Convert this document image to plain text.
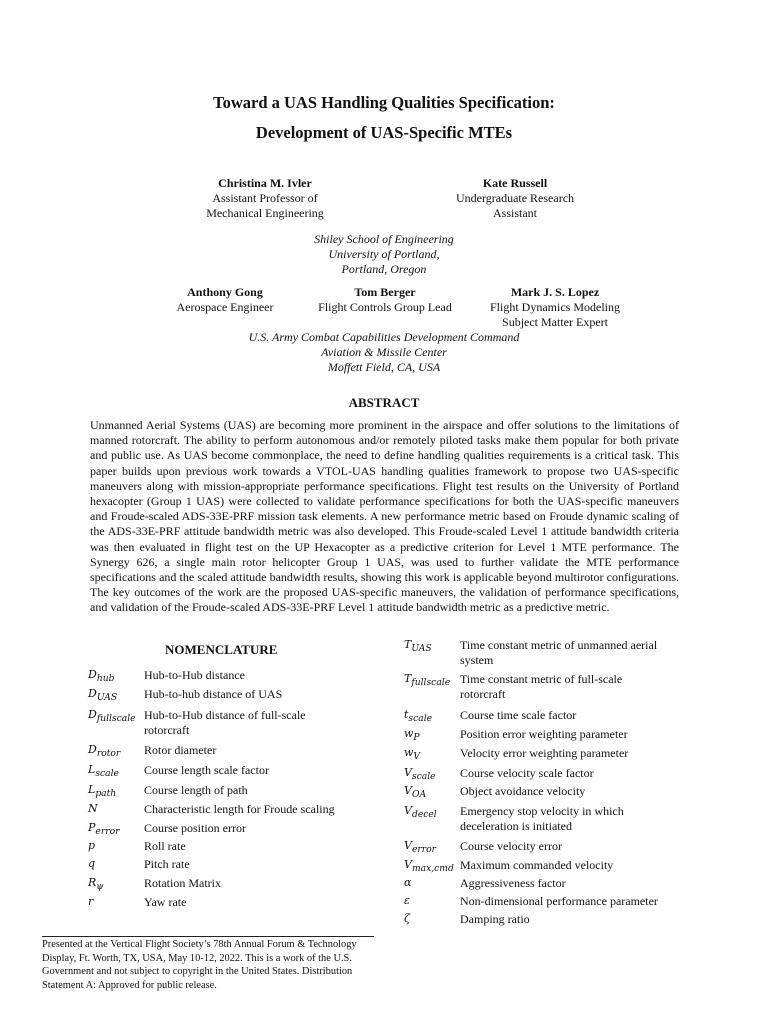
Toward a UAS Handling Qualities Specification:
Development of UAS-Specific MTEs
Christina M. Ivler
Assistant Professor of
Mechanical Engineering
Kate Russell
Undergraduate Research
Assistant
Shiley School of Engineering
University of Portland,
Portland, Oregon
Anthony Gong
Aerospace Engineer
Tom Berger
Flight Controls Group Lead
Mark J. S. Lopez
Flight Dynamics Modeling
Subject Matter Expert
U.S. Army Combat Capabilities Development Command
Aviation & Missile Center
Moffett Field, CA, USA
ABSTRACT
Unmanned Aerial Systems (UAS) are becoming more prominent in the airspace and offer solutions to the limitations of manned rotorcraft. The ability to perform autonomous and/or remotely piloted tasks make them popular for both private and public use. As UAS become commonplace, the need to define handling qualities requirements is a critical task. This paper builds upon previous work towards a VTOL-UAS handling qualities framework to propose two UAS-specific maneuvers along with mission-appropriate performance specifications. Flight test results on the University of Portland hexacopter (Group 1 UAS) were collected to validate performance specifications for both the UAS-specific maneuvers and Froude-scaled ADS-33E-PRF mission task elements. A new performance metric based on Froude dynamic scaling of the ADS-33E-PRF attitude bandwidth metric was also developed. This Froude-scaled Level 1 attitude bandwidth criteria was then evaluated in flight test on the UP Hexacopter as a predictive criterion for Level 1 MTE performance. The Synergy 626, a single main rotor helicopter Group 1 UAS, was used to further validate the MTE performance specifications and the scaled attitude bandwidth results, showing this work is applicable beyond multirotor configurations. The key outcomes of the work are the proposed UAS-specific maneuvers, the validation of performance specifications, and validation of the Froude-scaled ADS-33E-PRF Level 1 attitude bandwidth metric as a predictive metric.
NOMENCLATURE
$D_{hub}$ Hub-to-Hub distance
$D_{UAS}$ Hub-to-hub distance of UAS
$D_{fullscale}$ Hub-to-Hub distance of full-scale rotorcraft
$D_{rotor}$ Rotor diameter
$L_{scale}$ Course length scale factor
$L_{path}$ Course length of path
N	Characteristic length for Froude scaling
$P_{error}$ Course position error
p	Roll rate
q	Pitch rate
$R_\psi$	Rotation Matrix
r	Yaw rate
$T_{UAS}$ Time constant metric of unmanned aerial system
$T_{fullscale}$ Time constant metric of full-scale rotorcraft
$t_{scale}$ Course time scale factor
$w_P$	Position error weighting parameter
$w_V$	Velocity error weighting parameter
$V_{scale}$ Course velocity scale factor
$V_{OA}$	Object avoidance velocity
$V_{decel}$ Emergency stop velocity in which deceleration is initiated
$V_{error}$ Course velocity error
$V_{max,cmd}$ Maximum commanded velocity
α	Aggressiveness factor
ε	Non-dimensional performance parameter
ζ	Damping ratio
Presented at the Vertical Flight Society’s 78th Annual Forum & Technology Display, Ft. Worth, TX, USA, May 10-12, 2022. This is a work of the U.S. Government and not subject to copyright in the United States. Distribution Statement A: Approved for public release.
